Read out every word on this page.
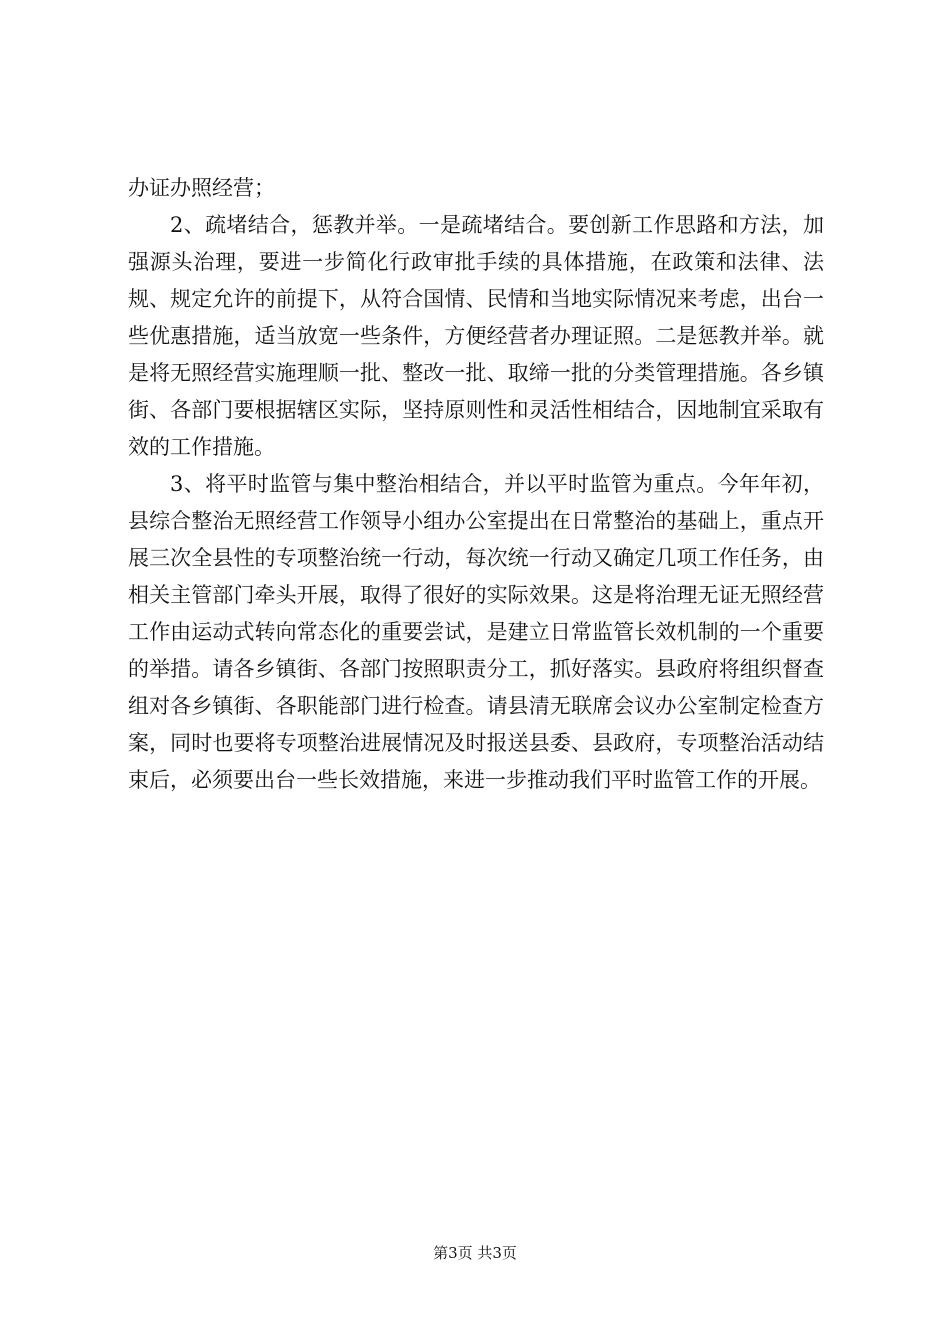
办证办照经营；

2、疏堵结合，惩教并举。一是疏堵结合。要创新工作思路和方法，加强源头治理，要进一步简化行政审批手续的具体措施，在政策和法律、法规、规定允许的前提下，从符合国情、民情和当地实际情况来考虑，出台一些优惠措施，适当放宽一些条件，方便经营者办理证照。二是惩教并举。就是将无照经营实施理顺一批、整改一批、取缔一批的分类管理措施。各乡镇街、各部门要根据辖区实际，坚持原则性和灵活性相结合，因地制宜采取有效的工作措施。

3、将平时监管与集中整治相结合，并以平时监管为重点。今年年初，县综合整治无照经营工作领导小组办公室提出在日常整治的基础上，重点开展三次全县性的专项整治统一行动，每次统一行动又确定几项工作任务，由相关主管部门牵头开展，取得了很好的实际效果。这是将治理无证无照经营工作由运动式转向常态化的重要尝试，是建立日常监管长效机制的一个重要的举措。请各乡镇街、各部门按照职责分工，抓好落实。县政府将组织督查组对各乡镇街、各职能部门进行检查。请县清无联席会议办公室制定检查方案，同时也要将专项整治进展情况及时报送县委、县政府，专项整治活动结束后，必须要出台一些长效措施，来进一步推动我们平时监管工作的开展。

第3页 共3页
